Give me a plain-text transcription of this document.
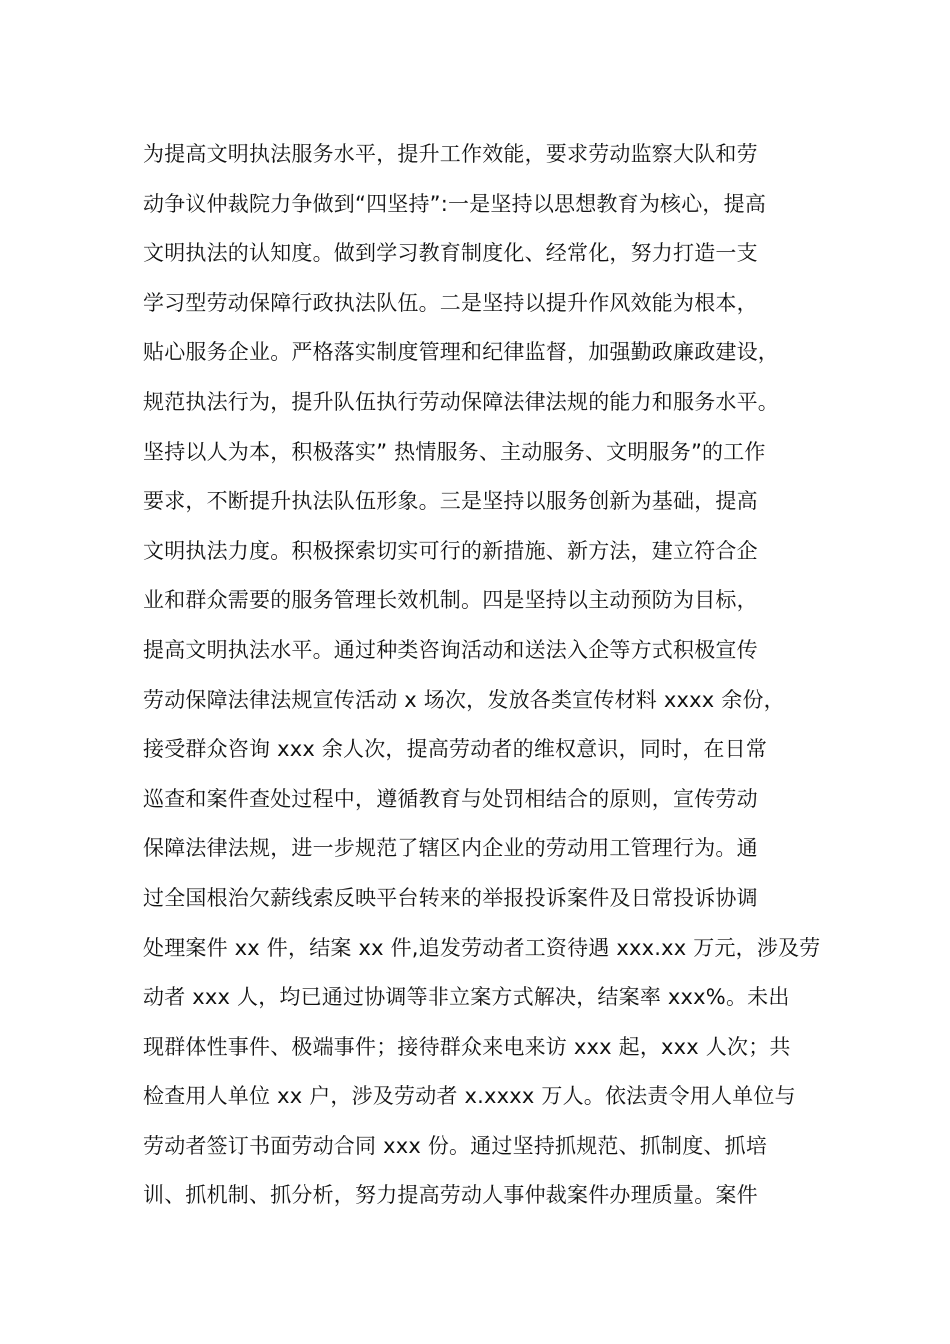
为提高文明执法服务水平，提升工作效能，要求劳动监察大队和劳
动争议仲裁院力争做到“四坚持”:一是坚持以思想教育为核心，提高
文明执法的认知度。做到学习教育制度化、经常化，努力打造一支
学习型劳动保障行政执法队伍。二是坚持以提升作风效能为根本，
贴心服务企业。严格落实制度管理和纪律监督，加强勤政廉政建设，
规范执法行为，提升队伍执行劳动保障法律法规的能力和服务水平。
坚持以人为本，积极落实” 热情服务、主动服务、文明服务”的工作
要求，不断提升执法队伍形象。三是坚持以服务创新为基础，提高
文明执法力度。积极探索切实可行的新措施、新方法，建立符合企
业和群众需要的服务管理长效机制。四是坚持以主动预防为目标，
提高文明执法水平。通过种类咨询活动和送法入企等方式积极宣传
劳动保障法律法规宣传活动 x 场次，发放各类宣传材料 xxxx 余份，
接受群众咨询 xxx 余人次，提高劳动者的维权意识，同时，在日常
巡查和案件查处过程中，遵循教育与处罚相结合的原则，宣传劳动
保障法律法规，进一步规范了辖区内企业的劳动用工管理行为。通
过全国根治欠薪线索反映平台转来的举报投诉案件及日常投诉协调
处理案件 xx 件，结案 xx 件,追发劳动者工资待遇 xxx.xx 万元，涉及劳
动者 xxx 人，均已通过协调等非立案方式解决，结案率 xxx%。未出
现群体性事件、极端事件；接待群众来电来访 xxx 起，xxx 人次；共
检查用人单位 xx 户，涉及劳动者 x.xxxx 万人。依法责令用人单位与
劳动者签订书面劳动合同 xxx 份。通过坚持抓规范、抓制度、抓培
训、抓机制、抓分析，努力提高劳动人事仲裁案件办理质量。案件
